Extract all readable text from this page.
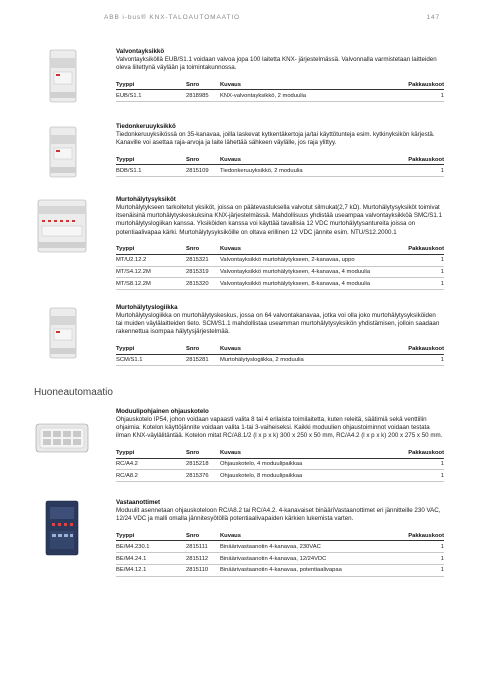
ABB i-bus® KNX-TALOAUTOMAATIO	147
Huoneautomaatio
Valvontayksikkö

Valvontayksiköllä EUB/S1.1 voidaan valvoa jopa 100 laitetta KNX- järjestelmässä. Valvonnalla varmistetaan laitteiden oleva liitettynä väylään ja toimintakunnossa.

Tyyppi	Snro	Kuvaus	Pakkauskoot
EUB/S1.1	2818985	KNX-valvontayksikkö, 2 moduulia	1
Tiedonkeruuyksikkö

Tiedonkeruuyksikössä on 35-kanavaa, joilla laskevat kytkentäkertoja ja/tai käyttötunteja esim. kytkinyksikön kärjestä. Kanaville voi asettaa raja-arvoja ja laite lähettää sähkeen väylälle, jos raja ylittyy.

Tyyppi	Snro	Kuvaus	Pakkauskoot
BDB/S1.1	2815109	Tiedonkeruuyksikkö, 2 moduulia	1
Murtohälytysyksiköt

Murtohälytykseen tarkoitetut yksiköt, joissa on päätevastuksella valvotut silmukat(2,7 kΩ). Murtohälytysyksiköt toimivat itsenäisinä murtohälytyskeskuksina KNX-järjestelmässä. Mahdollisuus yhdistää useampaa valvontayksikköä SMC/S1.1 murtohälytyslogiikan kanssa. Yksiköiden kanssa voi käyttää tavallisia 12 VDC murtohälytysantureita joissa on potentiaalivapaa kärki. Murtohälytysyksiköille on oltava erillinen 12 VDC jännite esim. NTU/S12.2000.1

Tyyppi	Snro	Kuvaus	Pakkauskoot
MT/U2.12.2	2815321	Valvontayksikkö murtohälytykseen, 2-kanavaa, uppo	1
MT/S4.12.2M	2815319	Valvontayksikkö murtohälytykseen, 4-kanavaa, 4 moduulia	1
MT/S8.12.2M	2815320	Valvontayksikkö murtohälytykseen, 8-kanavaa, 4 moduulia	1
Murtohälytyslogiikka

Murtohälytyslogiikka on murtohälytyskeskus, jossa on 64 valvontakanavaa, jotka voi olla joko murtohälytysyksiköiden tai muiden väylälaitteiden tieto. SCM/S1.1 mahdollistaa useamman murtohälytysyksikön yhdistämisen, jolloin saadaan rakennettua isompaa hälytysjärjestelmää.

Tyyppi	Snro	Kuvaus	Pakkauskoot
SCM/S1.1	2815281	Murtohälytyslogiikka, 2 moduulia	1
Moduulipohjainen ohjauskotelo

Ohjauskotelo IP54, johon voidaan vapaasti valita 8 tai 4 erilaista toimilaitetta, kuten releitä, säätimiä sekä venttiilin ohjaimia. Kotelon käyttöjännite voidaan valita 1-tai 3-vaiheiseksi. Kaikki moduulien ohjaustoiminnot voidaan testata ilman KNX-väylälitäntää. Kotelon mitat RC/A8.1/2 (l x p x k) 300 x 250 x 50 mm, RC/A4.2 (l x p x k) 200 x 275 x 50 mm.

Tyyppi	Snro	Kuvaus	Pakkauskoot
RC/A4.2	2815218	Ohjauskotelo, 4 moduulipaikkaa	1
RC/A8.2	2815376	Ohjauskotelo, 8 moduulipaikkaa	1
Vastaanottimet

Moduulit asennetaan ohjauskoteloon RC/A8.2 tai RC/A4.2. 4-kanavaiset binääriVastaanottimet eri jännitteille 230 VAC, 12/24 VDC ja malli omalla jännitesyötöllä potentiaalivapaiden kärkien lukemista varten.

Tyyppi	Snro	Kuvaus	Pakkauskoot
BE/M4.230.1	2815111	Binäärivastaanotin 4-kanavaa, 230VAC	1
BE/M4.24.1	2815112	Binäärivastaanotin 4-kanavaa, 12/24VDC	1
BE/M4.12.1	2815110	Binäärivastaanotin 4-kanavaa, potentiaalivapaa	1
